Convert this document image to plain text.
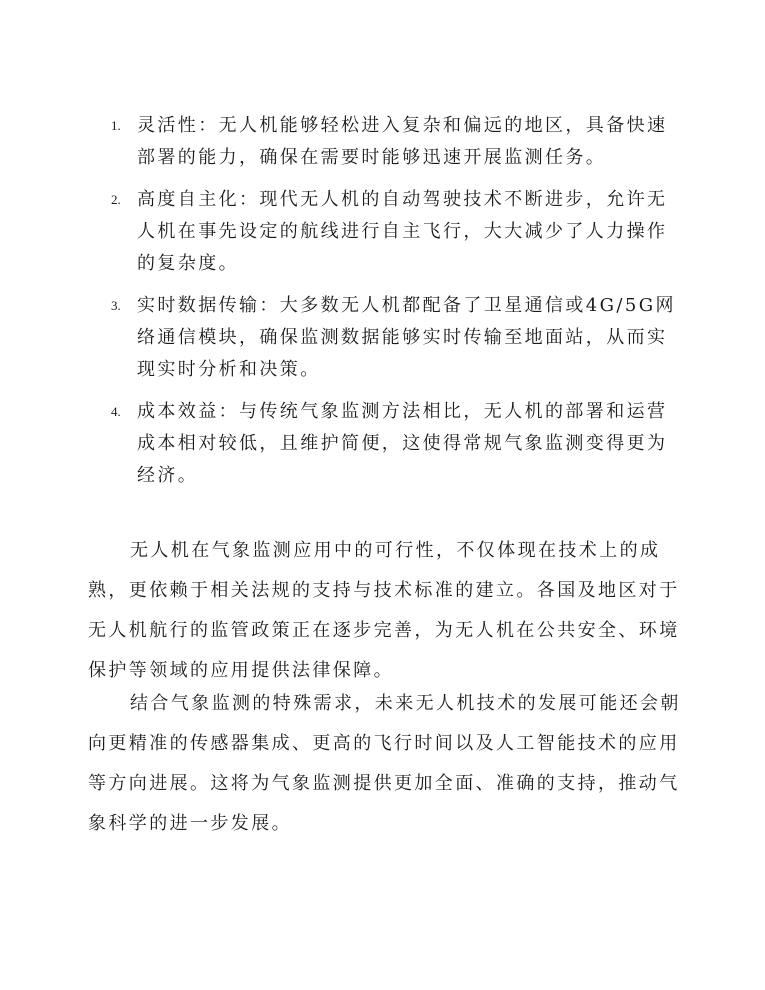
1. 灵活性：无人机能够轻松进入复杂和偏远的地区，具备快速部署的能力，确保在需要时能够迅速开展监测任务。
2. 高度自主化：现代无人机的自动驾驶技术不断进步，允许无人机在事先设定的航线进行自主飞行，大大减少了人力操作的复杂度。
3. 实时数据传输：大多数无人机都配备了卫星通信或4G/5G网络通信模块，确保监测数据能够实时传输至地面站，从而实现实时分析和决策。
4. 成本效益：与传统气象监测方法相比，无人机的部署和运营成本相对较低，且维护简便，这使得常规气象监测变得更为经济。

无人机在气象监测应用中的可行性，不仅体现在技术上的成熟，更依赖于相关法规的支持与技术标准的建立。各国及地区对于无人机航行的监管政策正在逐步完善，为无人机在公共安全、环境保护等领域的应用提供法律保障。

结合气象监测的特殊需求，未来无人机技术的发展可能还会朝向更精准的传感器集成、更高的飞行时间以及人工智能技术的应用等方向进展。这将为气象监测提供更加全面、准确的支持，推动气象科学的进一步发展。
